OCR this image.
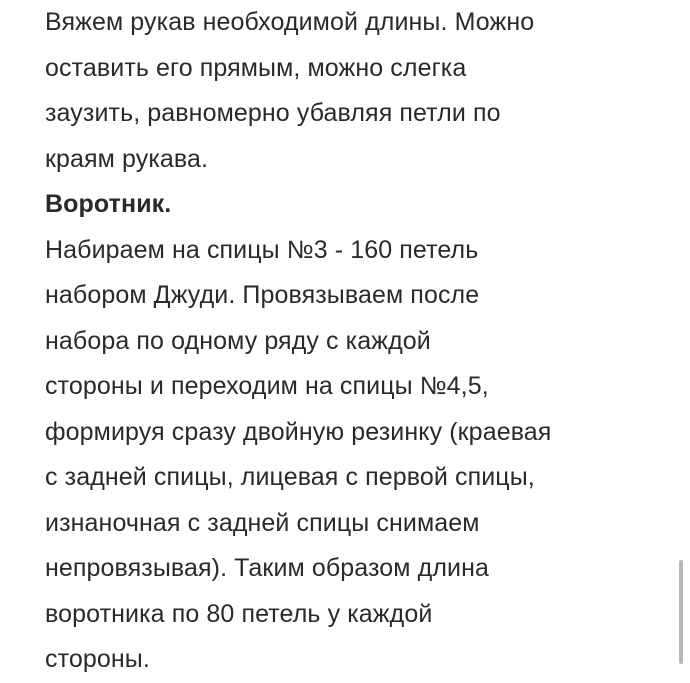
Вяжем рукав необходимой длины. Можно
оставить его прямым, можно слегка
заузить, равномерно убавляя петли по
краям рукава.
Воротник.
Набираем на спицы №3 - 160 петель
набором Джуди. Провязываем после
набора по одному ряду с каждой
стороны и переходим на спицы №4,5,
формируя сразу двойную резинку (краевая
с задней спицы, лицевая с первой спицы,
изнаночная с задней спицы снимаем
непровязывая). Таким образом длина
воротника по 80 петель у каждой
стороны.
